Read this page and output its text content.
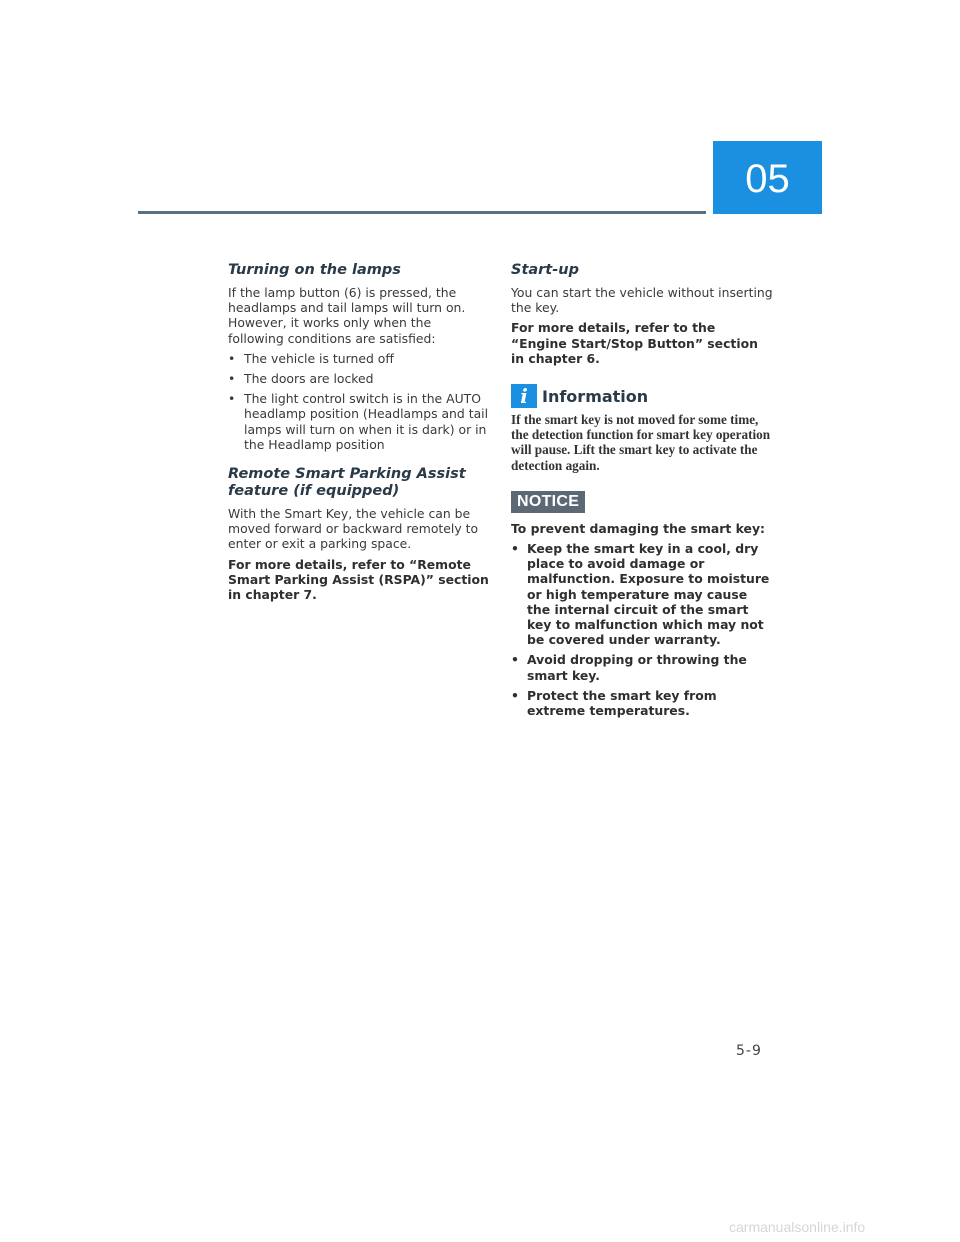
05
Turning on the lamps

If the lamp button (6) is pressed, the headlamps and tail lamps will turn on. However, it works only when the following conditions are satisfied:

• The vehicle is turned off
• The doors are locked
• The light control switch is in the AUTO headlamp position (Headlamps and tail lamps will turn on when it is dark) or in the Headlamp position
Remote Smart Parking Assist feature (if equipped)

With the Smart Key, the vehicle can be moved forward or backward remotely to enter or exit a parking space.

For more details, refer to “Remote Smart Parking Assist (RSPA)” section in chapter 7.

Start-up

You can start the vehicle without inserting the key.

For more details, refer to the “Engine Start/Stop Button” section in chapter 6.

i Information
If the smart key is not moved for some time, the detection function for smart key operation will pause. Lift the smart key to activate the detection again.
NOTICE

To prevent damaging the smart key:

• Keep the smart key in a cool, dry place to avoid damage or malfunction. Exposure to moisture or high temperature may cause the internal circuit of the smart key to malfunction which may not be covered under warranty.
• Avoid dropping or throwing the smart key.
• Protect the smart key from extreme temperatures.
5-9
carmanualsonline.info
